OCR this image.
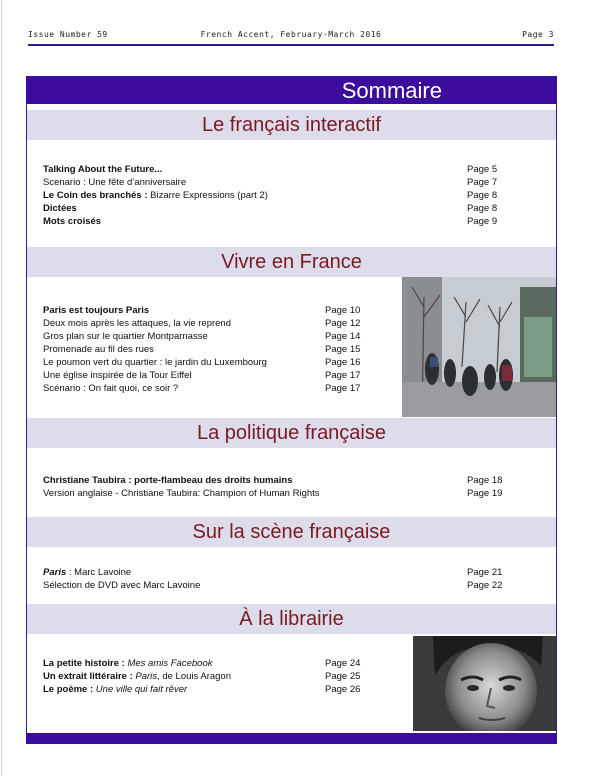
Issue Number 59	French Accent, February-March 2016	Page 3
Sommaire
Le français interactif
Talking About the Future...	Page 5
Scenario : Une fête d’anniversaire	Page 7
Le Coin des branchés : Bizarre Expressions (part 2)	Page 8
Dictées	Page 8
Mots croisés	Page 9
Vivre en France
Paris est toujours Paris	Page 10
Deux mois après les attaques, la vie reprend	Page 12
Gros plan sur le quartier Montparnasse	Page 14
Promenade au fil des rues	Page 15
Le poumon vert du quartier : le jardin du Luxembourg	Page 16
Une église inspirée de la Tour Eiffel	Page 17
Scénario : On fait quoi, ce soir ?	Page 17
La politique française
Christiane Taubira : porte-flambeau des droits humains	Page 18
Version anglaise - Christiane Taubira: Champion of Human Rights	Page 19
Sur la scène française
Paris : Marc Lavoine	Page 21
Sélection de DVD avec Marc Lavoine	Page 22
À la librairie
La petite histoire : Mes amis Facebook	Page 24
Un extrait littéraire : Paris, de Louis Aragon	Page 25
Le poème : Une ville qui fait rêver	Page 26
